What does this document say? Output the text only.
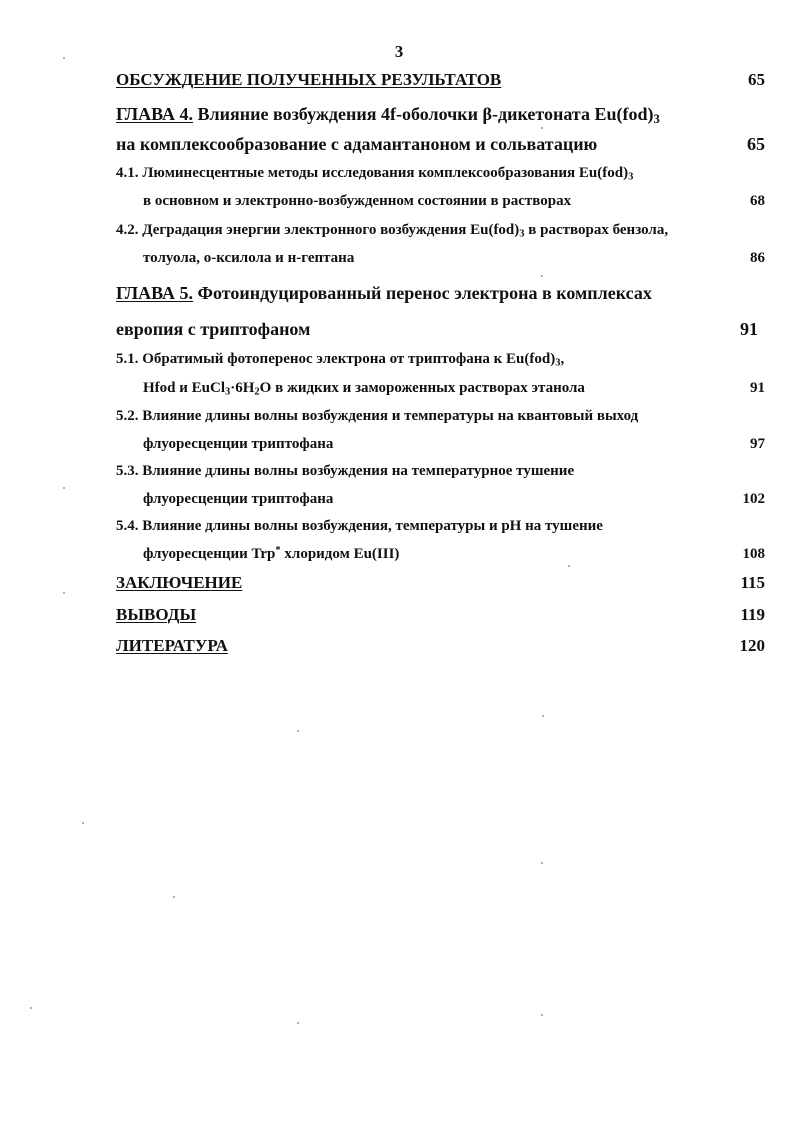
3
ОБСУЖДЕНИЕ ПОЛУЧЕННЫХ РЕЗУЛЬТАТОВ	65
ГЛАВА 4. Влияние возбуждения 4f-оболочки β-дикетоната $Eu(fod)_3$
на комплексообразование с адамантаноном и сольватацию	65
4.1. Люминесцентные методы исследования комплексообразования $Eu(fod)_3$
в основном и электронно-возбужденном состоянии в растворах	68
4.2. Деградация энергии электронного возбуждения $Eu(fod)_3$ в растворах бензола,
толуола, о-ксилола и н-гептана	86
ГЛАВА 5. Фотоиндуцированный перенос электрона в комплексах
европия с триптофаном	91
5.1. Обратимый фотоперенос электрона от триптофана к $Eu(fod)_3$,
Hfod и $EuCl_3\cdot 6H_2O$ в жидких и замороженных растворах этанола	91
5.2. Влияние длины волны возбуждения и температуры на квантовый выход
флуоресценции триптофана	97
5.3. Влияние длины волны возбуждения на температурное тушение
флуоресценции триптофана	102
5.4. Влияние длины волны возбуждения, температуры и pH на тушение
флуоресценции Trp* хлоридом Eu(III)	108
ЗАКЛЮЧЕНИЕ	115
ВЫВОДЫ	119
ЛИТЕРАТУРА	120
